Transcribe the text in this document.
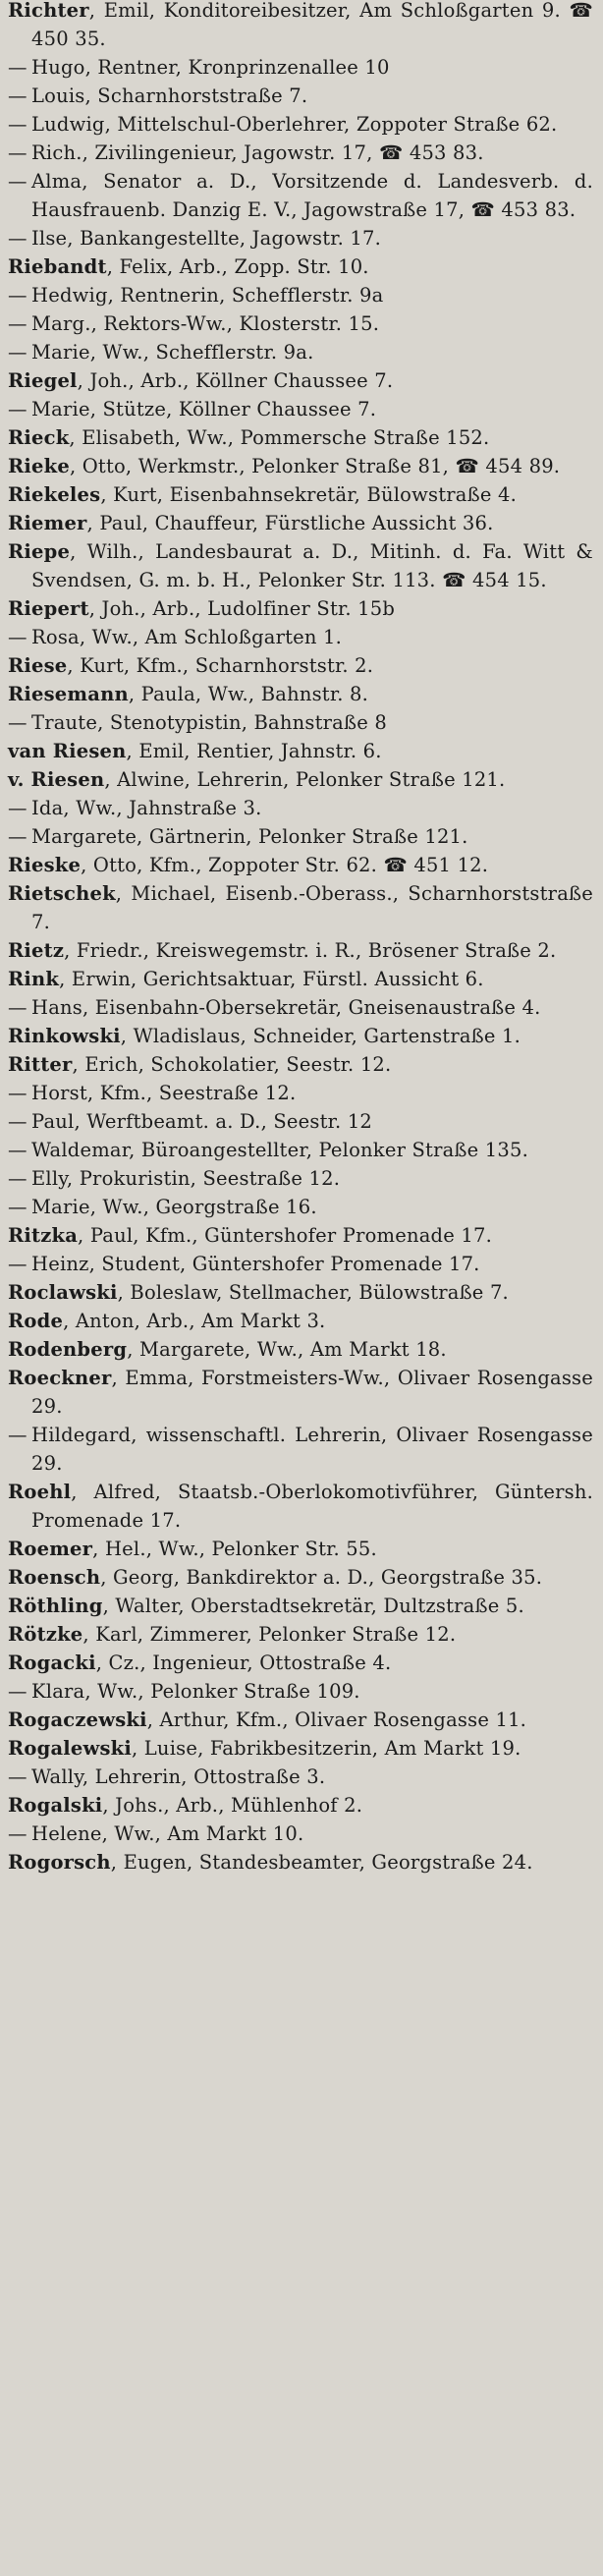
Richter, Emil, Konditoreibesitzer, Am Schloßgarten 9. ☎ 450 35.
—Hugo, Rentner, Kronprinzenallee 10
—Louis, Scharnhorststraße 7.
—Ludwig, Mittelschul-Oberlehrer, Zoppoter Straße 62.
—Rich., Zivilingenieur, Jagowstr. 17, ☎ 453 83.
—Alma, Senator a. D., Vorsitzende d. Landesverb. d. Hausfrauenb. Danzig E. V., Jagowstraße 17, ☎ 453 83.
—Ilse, Bankangestellte, Jagowstr. 17.
Riebandt, Felix, Arb., Zopp. Str. 10.
—Hedwig, Rentnerin, Schefflerstr. 9a
—Marg., Rektors-Ww., Klosterstr. 15.
—Marie, Ww., Schefflerstr. 9a.
Riegel, Joh., Arb., Köllner Chaussee 7.
—Marie, Stütze, Köllner Chaussee 7.
Rieck, Elisabeth, Ww., Pommersche Straße 152.
Rieke, Otto, Werkmstr., Pelonker Straße 81, ☎ 454 89.
Riekeles, Kurt, Eisenbahnsekretär, Bülowstraße 4.
Riemer, Paul, Chauffeur, Fürstliche Aussicht 36.
Riepe, Wilh., Landesbaurat a. D., Mitinh. d. Fa. Witt & Svendsen, G. m. b. H., Pelonker Str. 113. ☎ 454 15.
Riepert, Joh., Arb., Ludolfiner Str. 15b
—Rosa, Ww., Am Schloßgarten 1.
Riese, Kurt, Kfm., Scharnhorststr. 2.
Riesemann, Paula, Ww., Bahnstr. 8.
—Traute, Stenotypistin, Bahnstraße 8
van Riesen, Emil, Rentier, Jahnstr. 6.
v. Riesen, Alwine, Lehrerin, Pelonker Straße 121.
—Ida, Ww., Jahnstraße 3.
—Margarete, Gärtnerin, Pelonker Straße 121.
Rieske, Otto, Kfm., Zoppoter Str. 62. ☎ 451 12.
Rietschek, Michael, Eisenb.-Oberass., Scharnhorststraße 7.
Rietz, Friedr., Kreiswegemstr. i. R., Brösener Straße 2.
Rink, Erwin, Gerichtsaktuar, Fürstl. Aussicht 6.
—Hans, Eisenbahn-Obersekretär, Gneisenaustraße 4.
Rinkowski, Wladislaus, Schneider, Gartenstraße 1.
Ritter, Erich, Schokolatier, Seestr. 12.
—Horst, Kfm., Seestraße 12.
—Paul, Werftbeamt. a. D., Seestr. 12
—Waldemar, Büroangestellter, Pelonker Straße 135.
—Elly, Prokuristin, Seestraße 12.
—Marie, Ww., Georgstraße 16.
Ritzka, Paul, Kfm., Güntershofer Promenade 17.
—Heinz, Student, Güntershofer Promenade 17.
Roclawski, Boleslaw, Stellmacher, Bülowstraße 7.
Rode, Anton, Arb., Am Markt 3.
Rodenberg, Margarete, Ww., Am Markt 18.
Roeckner, Emma, Forstmeisters-Ww., Olivaer Rosengasse 29.
—Hildegard, wissenschaftl. Lehrerin, Olivaer Rosengasse 29.
Roehl, Alfred, Staatsb.-Oberlokomotivführer, Güntersh. Promenade 17.
Roemer, Hel., Ww., Pelonker Str. 55.
Roensch, Georg, Bankdirektor a. D., Georgstraße 35.
Röthling, Walter, Oberstadtsekretär, Dultzstraße 5.
Rötzke, Karl, Zimmerer, Pelonker Straße 12.
Rogacki, Cz., Ingenieur, Ottostraße 4.
—Klara, Ww., Pelonker Straße 109.
Rogaczewski, Arthur, Kfm., Olivaer Rosengasse 11.
Rogalewski, Luise, Fabrikbesitzerin, Am Markt 19.
—Wally, Lehrerin, Ottostraße 3.
Rogalski, Johs., Arb., Mühlenhof 2.
—Helene, Ww., Am Markt 10.
Rogorsch, Eugen, Standesbeamter, Georgstraße 24.
